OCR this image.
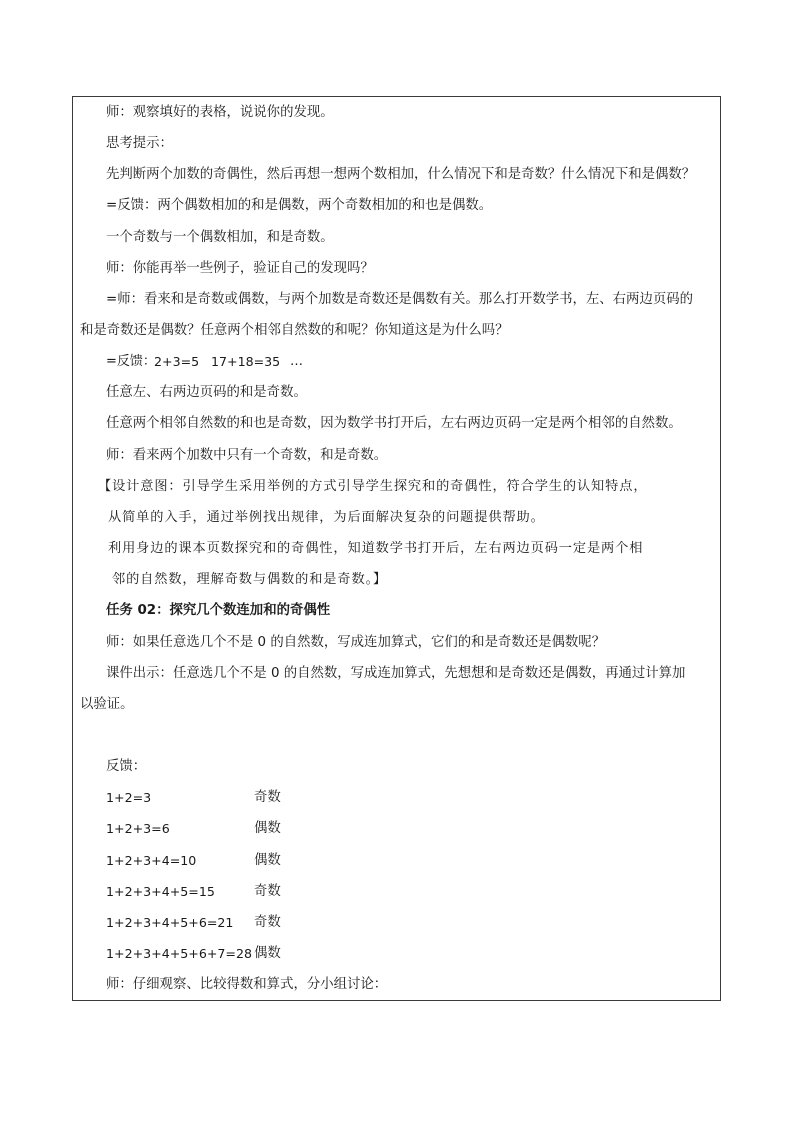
师：观察填好的表格，说说你的发现。
思考提示：
先判断两个加数的奇偶性，然后再想一想两个数相加，什么情况下和是奇数？什么情况下和是偶数？
=反馈：两个偶数相加的和是偶数，两个奇数相加的和也是偶数。
一个奇数与一个偶数相加，和是奇数。
师：你能再举一些例子，验证自己的发现吗？
=师：看来和是奇数或偶数，与两个加数是奇数还是偶数有关。那么打开数学书，左、右两边页码的
和是奇数还是偶数？任意两个相邻自然数的和呢？你知道这是为什么吗？
=反馈：
2+3=5 17+18=35 …
任意左、右两边页码的和是奇数。
任意两个相邻自然数的和也是奇数，因为数学书打开后，左右两边页码一定是两个相邻的自然数。
师：看来两个加数中只有一个奇数，和是奇数。
【设计意图：引导学生采用举例的方式引导学生探究和的奇偶性，符合学生的认知特点，
从简单的入手，通过举例找出规律，为后面解决复杂的问题提供帮助。
利用身边的课本页数探究和的奇偶性，知道数学书打开后，左右两边页码一定是两个相
邻的自然数，理解奇数与偶数的和是奇数。】
任务 02：探究几个数连加和的奇偶性
师：如果任意选几个不是 0 的自然数，写成连加算式，它们的和是奇数还是偶数呢？
课件出示：任意选几个不是 0 的自然数，写成连加算式，先想想和是奇数还是偶数，再通过计算加
以验证。
反馈：
1+2=3	奇数
1+2+3=6	偶数
1+2+3+4=10	偶数
1+2+3+4+5=15	奇数
1+2+3+4+5+6=21 奇数
1+2+3+4+5+6+7=28 偶数
师：仔细观察、比较得数和算式，分小组讨论：
